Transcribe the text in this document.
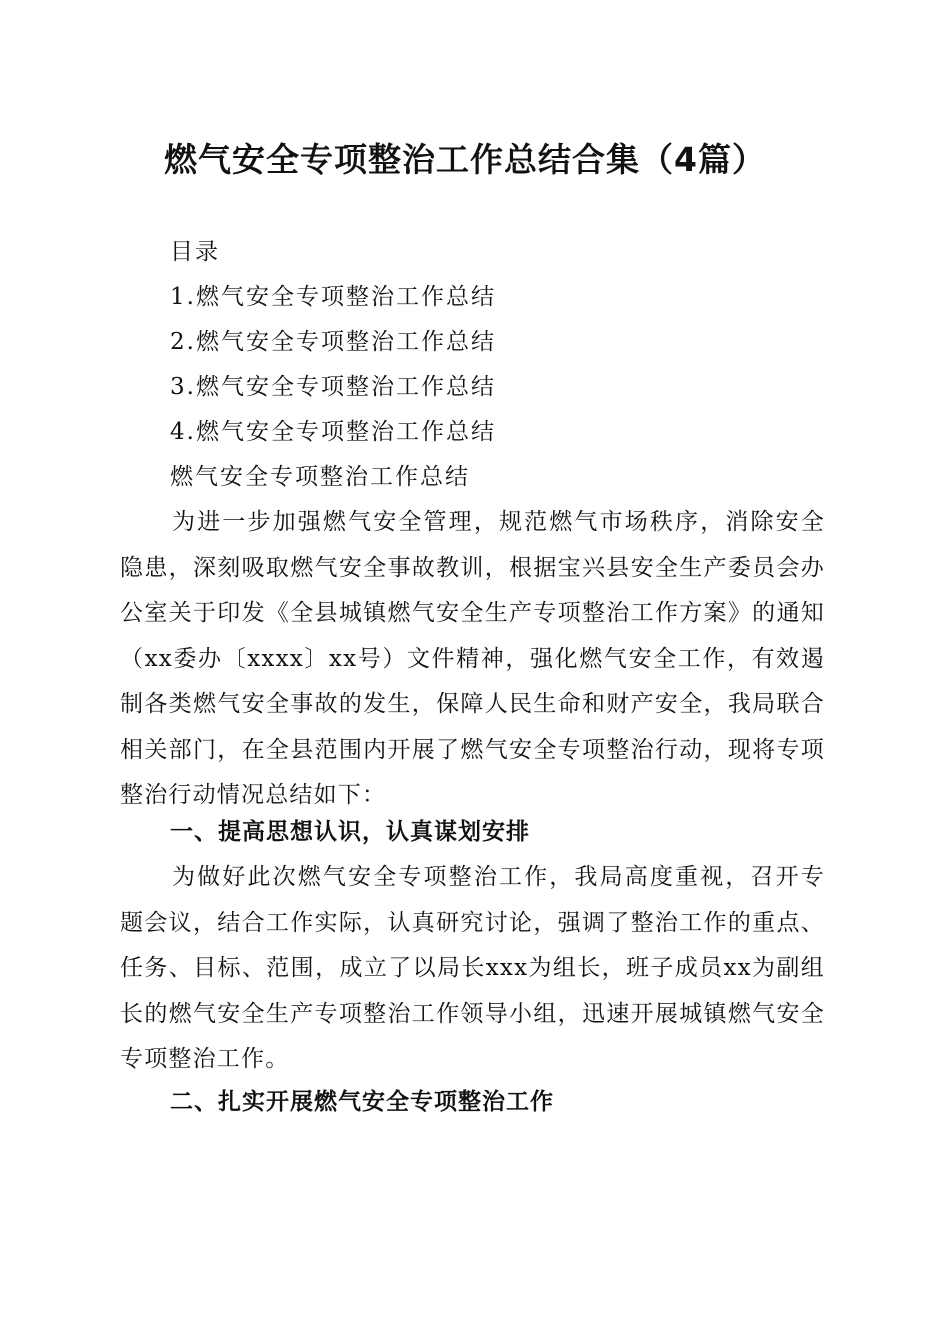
燃气安全专项整治工作总结合集（4篇）
目录
1.燃气安全专项整治工作总结
2.燃气安全专项整治工作总结
3.燃气安全专项整治工作总结
4.燃气安全专项整治工作总结
燃气安全专项整治工作总结

为进一步加强燃气安全管理，规范燃气市场秩序，消除安全隐患，深刻吸取燃气安全事故教训，根据宝兴县安全生产委员会办公室关于印发《全县城镇燃气安全生产专项整治工作方案》的通知（xx委办〔xxxx〕xx号）文件精神，强化燃气安全工作，有效遏制各类燃气安全事故的发生，保障人民生命和财产安全，我局联合相关部门，在全县范围内开展了燃气安全专项整治行动，现将专项整治行动情况总结如下：

一、提高思想认识，认真谋划安排

为做好此次燃气安全专项整治工作，我局高度重视，召开专题会议，结合工作实际，认真研究讨论，强调了整治工作的重点、任务、目标、范围，成立了以局长xxx为组长，班子成员xx为副组长的燃气安全生产专项整治工作领导小组，迅速开展城镇燃气安全专项整治工作。

二、扎实开展燃气安全专项整治工作
